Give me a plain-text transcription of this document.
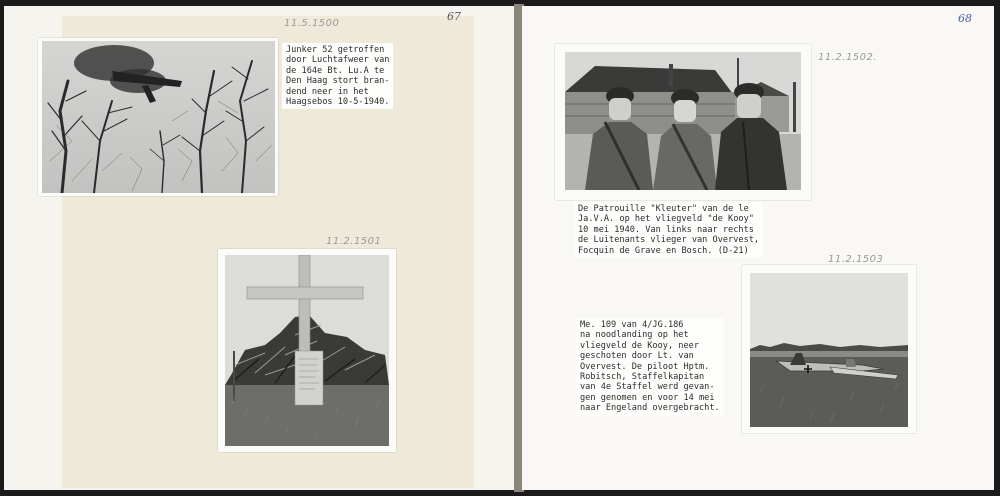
67	68
11.5.1500
Junker 52 getroffen
door Luchtafweer van
de 164e Bt. Lu.A te
Den Haag stort bran-
dend neer in het
Haagsebos 10-5-1940.
11.2.1501
11.2.1502.
De Patrouille "Kleuter" van de le
Ja.V.A. op het vliegveld "de Kooy"
10 mei 1940. Van links naar rechts
de Luitenants vlieger van Overvest,
Focquin de Grave en Bosch. (D-21)
11.2.1503
Me. 109 van 4/JG.186
na noodlanding op het
vliegveld de Kooy, neer
geschoten door Lt. van
Overvest. De piloot Hptm.
Robitsch, Staffelkapitan
van 4e Staffel werd gevan-
gen genomen en voor 14 mei
naar Engeland overgebracht.
